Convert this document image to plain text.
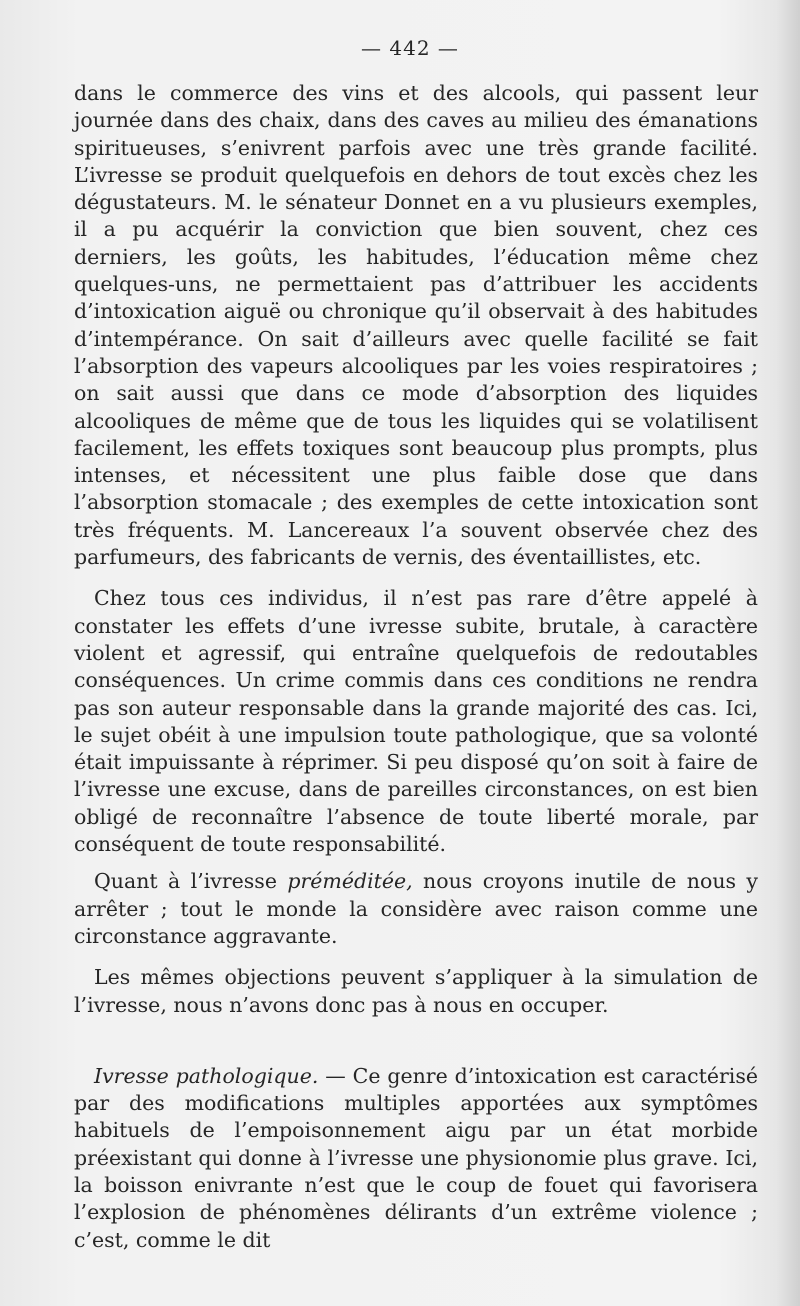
— 442 —

dans le commerce des vins et des alcools, qui passent leur journée dans des chaix, dans des caves au milieu des émanations spiritueuses, s’enivrent parfois avec une très grande facilité. L’ivresse se produit quelquefois en dehors de tout excès chez les dégustateurs. M. le sénateur Donnet en a vu plusieurs exemples, il a pu acquérir la conviction que bien souvent, chez ces derniers, les goûts, les habitudes, l’éducation même chez quelques-uns, ne permettaient pas d’attribuer les accidents d’intoxication aiguë ou chronique qu’il observait à des habitudes d’intempérance. On sait d’ailleurs avec quelle facilité se fait l’absorption des vapeurs alcooliques par les voies respiratoires ; on sait aussi que dans ce mode d’absorption des liquides alcooliques de même que de tous les liquides qui se volatilisent facilement, les effets toxiques sont beaucoup plus prompts, plus intenses, et nécessitent une plus faible dose que dans l’absorption stomacale ; des exemples de cette intoxication sont très fréquents. M. Lancereaux l’a souvent observée chez des parfumeurs, des fabricants de vernis, des éventaillistes, etc.

Chez tous ces individus, il n’est pas rare d’être appelé à constater les effets d’une ivresse subite, brutale, à caractère violent et agressif, qui entraîne quelquefois de redoutables conséquences. Un crime commis dans ces conditions ne rendra pas son auteur responsable dans la grande majorité des cas. Ici, le sujet obéit à une impulsion toute pathologique, que sa volonté était impuissante à réprimer. Si peu disposé qu’on soit à faire de l’ivresse une excuse, dans de pareilles circonstances, on est bien obligé de reconnaître l’absence de toute liberté morale, par conséquent de toute responsabilité.

Quant à l’ivresse préméditée, nous croyons inutile de nous y arrêter ; tout le monde la considère avec raison comme une circonstance aggravante.

Les mêmes objections peuvent s’appliquer à la simulation de l’ivresse, nous n’avons donc pas à nous en occuper.

Ivresse pathologique. — Ce genre d’intoxication est caractérisé par des modifications multiples apportées aux symptômes habituels de l’empoisonnement aigu par un état morbide préexistant qui donne à l’ivresse une physionomie plus grave. Ici, la boisson enivrante n’est que le coup de fouet qui favorisera l’explosion de phénomènes délirants d’un extrême violence ; c’est, comme le dit
